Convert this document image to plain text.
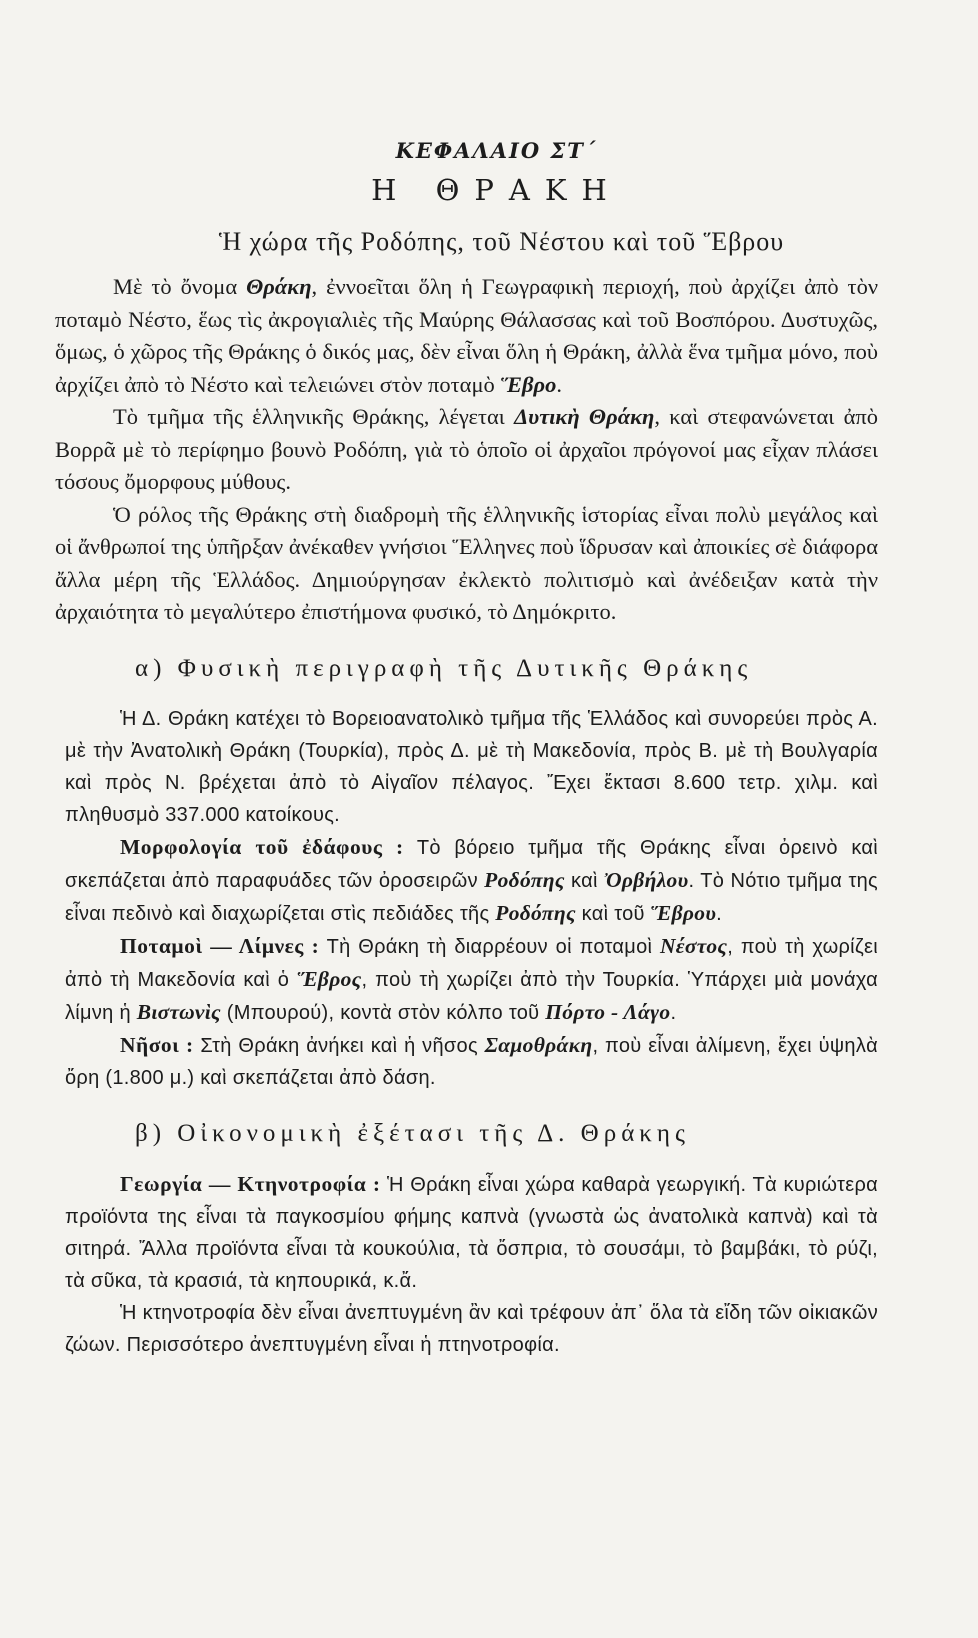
ΚΕΦΑΛΑΙΟ ΣΤ΄
Η ΘΡΑΚΗ
Ἡ χώρα τῆς Ροδόπης, τοῦ Νέστου καὶ τοῦ Ἕβρου

Μὲ τὸ ὄνομα Θράκη, ἐννοεῖται ὅλη ἡ Γεωγραφικὴ περιοχή, ποὺ ἀρχίζει ἀπὸ τὸν ποταμὸ Νέστο, ἕως τὶς ἀκρογιαλιὲς τῆς Μαύρης Θάλασσας καὶ τοῦ Βοσπόρου. Δυστυχῶς, ὅμως, ὁ χῶρος τῆς Θράκης ὁ δικός μας, δὲν εἶναι ὅλη ἡ Θράκη, ἀλλὰ ἕνα τμῆμα μόνο, ποὺ ἀρχίζει ἀπὸ τὸ Νέστο καὶ τελειώνει στὸν ποταμὸ Ἕβρο.

Τὸ τμῆμα τῆς ἑλληνικῆς Θράκης, λέγεται Δυτικὴ Θράκη, καὶ στεφανώνεται ἀπὸ Βορρᾶ μὲ τὸ περίφημο βουνὸ Ροδόπη, γιὰ τὸ ὁποῖο οἱ ἀρχαῖοι πρόγονοί μας εἶχαν πλάσει τόσους ὄμορφους μύθους.

Ὁ ρόλος τῆς Θράκης στὴ διαδρομὴ τῆς ἑλληνικῆς ἱστορίας εἶναι πολὺ μεγάλος καὶ οἱ ἄνθρωποί της ὑπῆρξαν ἀνέκαθεν γνήσιοι Ἕλληνες ποὺ ἵδρυσαν καὶ ἀποικίες σὲ διάφορα ἄλλα μέρη τῆς Ἑλλάδος. Δημιούργησαν ἐκλεκτὸ πολιτισμὸ καὶ ἀνέδειξαν κατὰ τὴν ἀρχαιότητα τὸ μεγαλύτερο ἐπιστήμονα φυσικό, τὸ Δημόκριτο.

α) Φυσικὴ περιγραφὴ τῆς Δυτικῆς Θράκης

Ἡ Δ. Θράκη κατέχει τὸ Βορειοανατολικὸ τμῆμα τῆς Ἑλλάδος καὶ συνορεύει πρὸς Α. μὲ τὴν Ἀνατολικὴ Θράκη (Τουρκία), πρὸς Δ. μὲ τὴ Μακεδονία, πρὸς Β. μὲ τὴ Βουλγαρία καὶ πρὸς Ν. βρέχεται ἀπὸ τὸ Αἰγαῖον πέλαγος. Ἔχει ἔκτασι 8.600 τετρ. χιλμ. καὶ πληθυσμὸ 337.000 κατοίκους.

Μορφολογία τοῦ ἐδάφους : Τὸ βόρειο τμῆμα τῆς Θράκης εἶναι ὀρεινὸ καὶ σκεπάζεται ἀπὸ παραφυάδες τῶν ὀροσειρῶν Ροδόπης καὶ Ὀρβήλου. Τὸ Νότιο τμῆμα της εἶναι πεδινὸ καὶ διαχωρίζεται στὶς πεδιάδες τῆς Ροδόπης καὶ τοῦ Ἕβρου.

Ποταμοὶ — Λίμνες : Τὴ Θράκη τὴ διαρρέουν οἱ ποταμοὶ Νέστος, ποὺ τὴ χωρίζει ἀπὸ τὴ Μακεδονία καὶ ὁ Ἕβρος, ποὺ τὴ χωρίζει ἀπὸ τὴν Τουρκία. Ὑπάρχει μιὰ μονάχα λίμνη ἡ Βιστωνὶς (Μπουρού), κοντὰ στὸν κόλπο τοῦ Πόρτο - Λάγο.

Νῆσοι : Στὴ Θράκη ἀνήκει καὶ ἡ νῆσος Σαμοθράκη, ποὺ εἶναι ἀλίμενη, ἔχει ὑψηλὰ ὄρη (1.800 μ.) καὶ σκεπάζεται ἀπὸ δάση.

β) Οἰκονομικὴ ἐξέτασι τῆς Δ. Θράκης

Γεωργία — Κτηνοτροφία : Ἡ Θράκη εἶναι χώρα καθαρὰ γεωργική. Τὰ κυριώτερα προϊόντα της εἶναι τὰ παγκοσμίου φήμης καπνὰ (γνωστὰ ὡς ἀνατολικὰ καπνὰ) καὶ τὰ σιτηρά. Ἄλλα προϊόντα εἶναι τὰ κουκούλια, τὰ ὄσπρια, τὸ σουσάμι, τὸ βαμβάκι, τὸ ρύζι, τὰ σῦκα, τὰ κρασιά, τὰ κηπουρικά, κ.ἄ.

Ἡ κτηνοτροφία δὲν εἶναι ἀνεπτυγμένη ἂν καὶ τρέφουν ἀπ᾽ ὅλα τὰ εἴδη τῶν οἰκιακῶν ζώων. Περισσότερο ἀνεπτυγμένη εἶναι ἡ πτηνοτροφία.
